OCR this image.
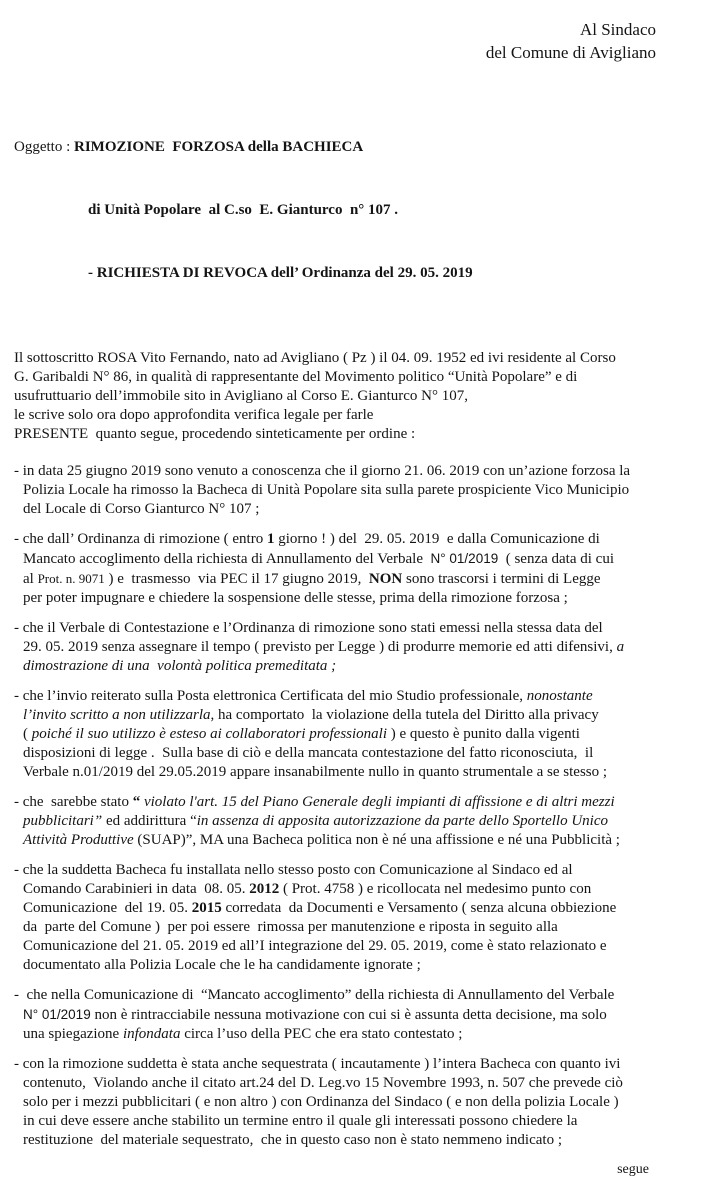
Al Sindaco
del Comune di Avigliano

Oggetto : RIMOZIONE  FORZOSA della BACHIECA

di Unità Popolare  al C.so  E. Gianturco  n° 107 .

- RICHIESTA DI REVOCA dell’ Ordinanza del 29. 05. 2019

Il sottoscritto ROSA Vito Fernando, nato ad Avigliano ( Pz ) il 04. 09. 1952 ed ivi residente al Corso
G. Garibaldi N° 86, in qualità di rappresentante del Movimento politico “Unità Popolare” e di
usufruttuario dell’immobile sito in Avigliano al Corso E. Gianturco N° 107,
le scrive solo ora dopo approfondita verifica legale per farle
PRESENTE  quanto segue, procedendo sinteticamente per ordine :
- in data 25 giugno 2019 sono venuto a conoscenza che il giorno 21. 06. 2019 con un’azione forzosa la
Polizia Locale ha rimosso la Bacheca di Unità Popolare sita sulla parete prospiciente Vico Municipio
del Locale di Corso Gianturco N° 107 ;
- che dall’ Ordinanza di rimozione ( entro 1 giorno ! ) del  29. 05. 2019  e dalla Comunicazione di
Mancato accoglimento della richiesta di Annullamento del Verbale  N° 01/2019  ( senza data di cui
al Prot. n. 9071 ) e  trasmesso  via PEC il 17 giugno 2019,  NON sono trascorsi i termini di Legge
per poter impugnare e chiedere la sospensione delle stesse, prima della rimozione forzosa ;
- che il Verbale di Contestazione e l’Ordinanza di rimozione sono stati emessi nella stessa data del
29. 05. 2019 senza assegnare il tempo ( previsto per Legge ) di produrre memorie ed atti difensivi, a
dimostrazione di una  volontà politica premeditata ;
- che l’invio reiterato sulla Posta elettronica Certificata del mio Studio professionale, nonostante
l’invito scritto a non utilizzarla, ha comportato  la violazione della tutela del Diritto alla privacy
( poiché il suo utilizzo è esteso ai collaboratori professionali ) e questo è punito dalla vigenti
disposizioni di legge .  Sulla base di ciò e della mancata contestazione del fatto riconosciuta,  il
Verbale n.01/2019 del 29.05.2019 appare insanabilmente nullo in quanto strumentale a se stesso ;
- che  sarebbe stato “ violato l'art. 15 del Piano Generale degli impianti di affissione e di altri mezzi
pubblicitari” ed addirittura “in assenza di apposita autorizzazione da parte dello Sportello Unico
Attività Produttive (SUAP)”, MA una Bacheca politica non è né una affissione e né una Pubblicità ;
- che la suddetta Bacheca fu installata nello stesso posto con Comunicazione al Sindaco ed al
Comando Carabinieri in data  08. 05. 2012 ( Prot. 4758 ) e ricollocata nel medesimo punto con
Comunicazione  del 19. 05. 2015 corredata  da Documenti e Versamento ( senza alcuna obbiezione
da  parte del Comune )  per poi essere  rimossa per manutenzione e riposta in seguito alla
Comunicazione del 21. 05. 2019 ed all’I integrazione del 29. 05. 2019, come è stato relazionato e
documentato alla Polizia Locale che le ha candidamente ignorate ;
-  che nella Comunicazione di  “Mancato accoglimento” della richiesta di Annullamento del Verbale
N° 01/2019 non è rintracciabile nessuna motivazione con cui si è assunta detta decisione, ma solo
una spiegazione infondata circa l’uso della PEC che era stato contestato ;
- con la rimozione suddetta è stata anche sequestrata ( incautamente ) l’intera Bacheca con quanto ivi
contenuto,  Violando anche il citato art.24 del D. Leg.vo 15 Novembre 1993, n. 507 che prevede ciò
solo per i mezzi pubblicitari ( e non altro ) con Ordinanza del Sindaco ( e non della polizia Locale )
in cui deve essere anche stabilito un termine entro il quale gli interessati possono chiedere la
restituzione  del materiale sequestrato,  che in questo caso non è stato nemmeno indicato ;
segue
